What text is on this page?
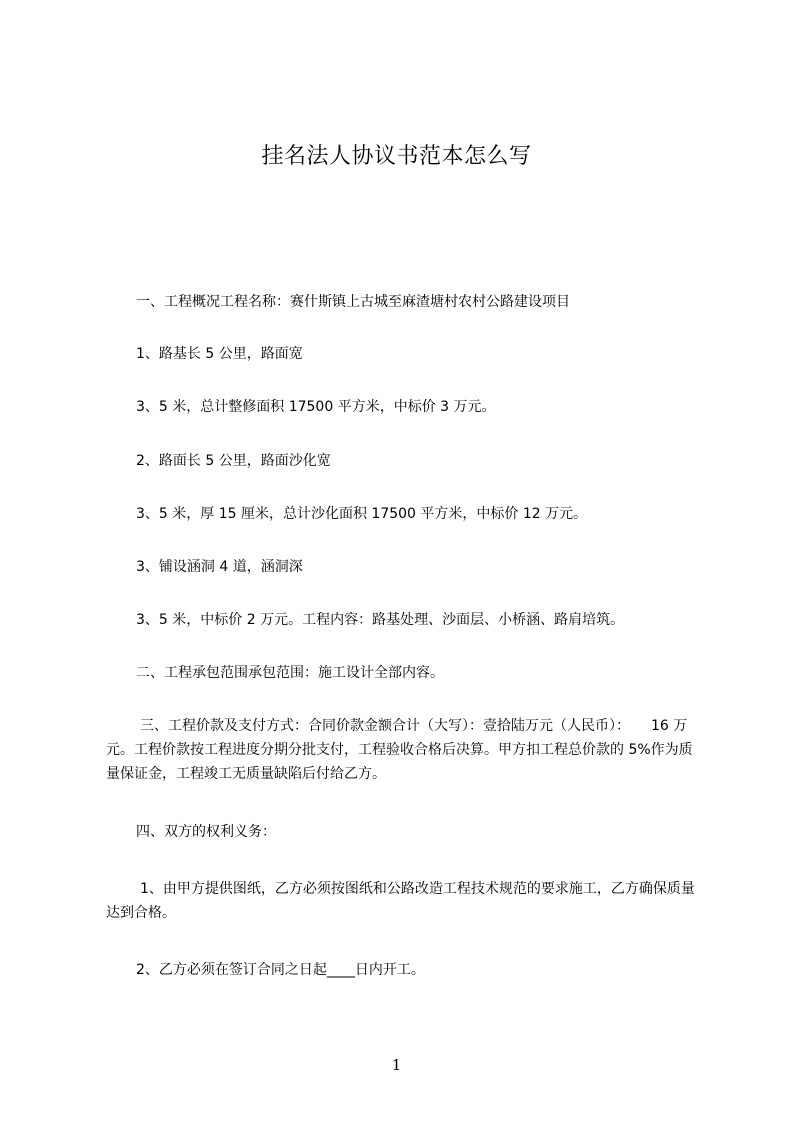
挂名法人协议书范本怎么写
一、工程概况工程名称：赛什斯镇上古城至麻渣塘村农村公路建设项目
1、路基长 5 公里，路面宽
3、5 米，总计整修面积 17500 平方米，中标价 3 万元。
2、路面长 5 公里，路面沙化宽
3、5 米，厚 15 厘米，总计沙化面积 17500 平方米，中标价 12 万元。
3、铺设涵洞 4 道，涵洞深
3、5 米，中标价 2 万元。工程内容：路基处理、沙面层、小桥涵、路肩培筑。
二、工程承包范围承包范围：施工设计全部内容。
三、工程价款及支付方式：合同价款金额合计（大写）：壹拾陆万元（人民币）：　　16 万元。工程价款按工程进度分期分批支付，工程验收合格后决算。甲方扣工程总价款的 5%作为质量保证金，工程竣工无质量缺陷后付给乙方。
四、双方的权利义务：
1、由甲方提供图纸，乙方必须按图纸和公路改造工程技术规范的要求施工，乙方确保质量达到合格。
2、乙方必须在签订合同之日起____日内开工。
1
